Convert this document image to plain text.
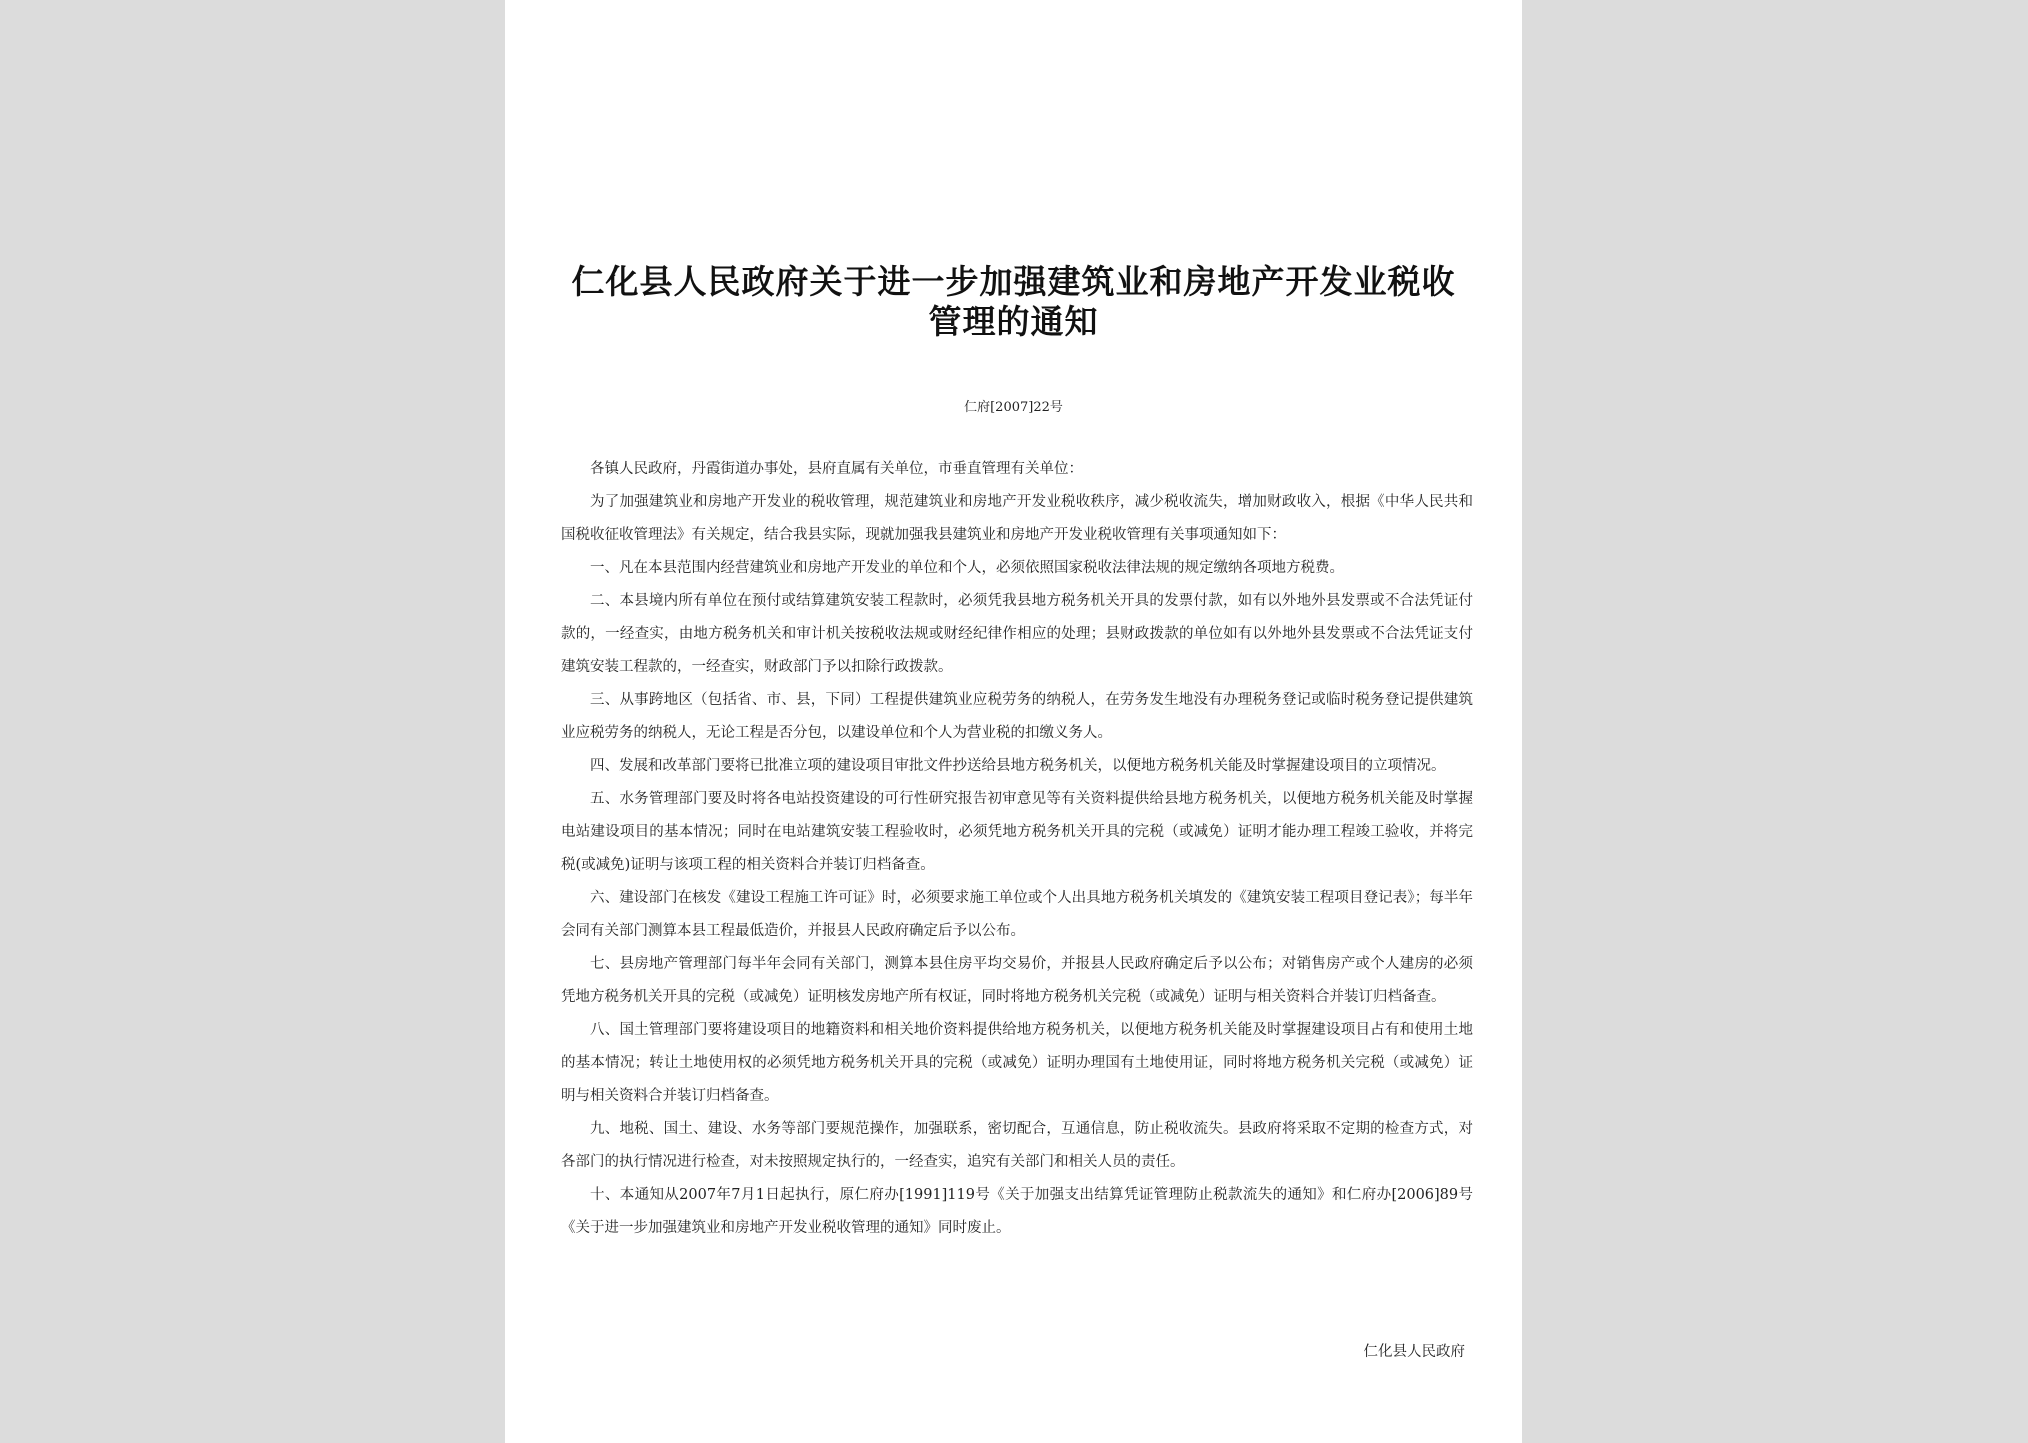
仁化县人民政府关于进一步加强建筑业和房地产开发业税收管理的通知
仁府[2007]22号

各镇人民政府，丹霞街道办事处，县府直属有关单位，市垂直管理有关单位：

为了加强建筑业和房地产开发业的税收管理，规范建筑业和房地产开发业税收秩序，减少税收流失，增加财政收入，根据《中华人民共和国税收征收管理法》有关规定，结合我县实际，现就加强我县建筑业和房地产开发业税收管理有关事项通知如下：

一、凡在本县范围内经营建筑业和房地产开发业的单位和个人，必须依照国家税收法律法规的规定缴纳各项地方税费。

二、本县境内所有单位在预付或结算建筑安装工程款时，必须凭我县地方税务机关开具的发票付款，如有以外地外县发票或不合法凭证付款的，一经查实，由地方税务机关和审计机关按税收法规或财经纪律作相应的处理；县财政拨款的单位如有以外地外县发票或不合法凭证支付建筑安装工程款的，一经查实，财政部门予以扣除行政拨款。

三、从事跨地区（包括省、市、县，下同）工程提供建筑业应税劳务的纳税人，在劳务发生地没有办理税务登记或临时税务登记提供建筑业应税劳务的纳税人，无论工程是否分包，以建设单位和个人为营业税的扣缴义务人。

四、发展和改革部门要将已批准立项的建设项目审批文件抄送给县地方税务机关，以便地方税务机关能及时掌握建设项目的立项情况。

五、水务管理部门要及时将各电站投资建设的可行性研究报告初审意见等有关资料提供给县地方税务机关，以便地方税务机关能及时掌握电站建设项目的基本情况；同时在电站建筑安装工程验收时，必须凭地方税务机关开具的完税（或减免）证明才能办理工程竣工验收，并将完税(或减免)证明与该项工程的相关资料合并装订归档备查。

六、建设部门在核发《建设工程施工许可证》时，必须要求施工单位或个人出具地方税务机关填发的《建筑安装工程项目登记表》；每半年会同有关部门测算本县工程最低造价，并报县人民政府确定后予以公布。

七、县房地产管理部门每半年会同有关部门，测算本县住房平均交易价，并报县人民政府确定后予以公布；对销售房产或个人建房的必须凭地方税务机关开具的完税（或减免）证明核发房地产所有权证，同时将地方税务机关完税（或减免）证明与相关资料合并装订归档备查。

八、国土管理部门要将建设项目的地籍资料和相关地价资料提供给地方税务机关，以便地方税务机关能及时掌握建设项目占有和使用土地的基本情况；转让土地使用权的必须凭地方税务机关开具的完税（或减免）证明办理国有土地使用证，同时将地方税务机关完税（或减免）证明与相关资料合并装订归档备查。

九、地税、国土、建设、水务等部门要规范操作，加强联系，密切配合，互通信息，防止税收流失。县政府将采取不定期的检查方式，对各部门的执行情况进行检查，对未按照规定执行的，一经查实，追究有关部门和相关人员的责任。

十、本通知从2007年7月1日起执行，原仁府办[1991]119号《关于加强支出结算凭证管理防止税款流失的通知》和仁府办[2006]89号《关于进一步加强建筑业和房地产开发业税收管理的通知》同时废止。

仁化县人民政府
